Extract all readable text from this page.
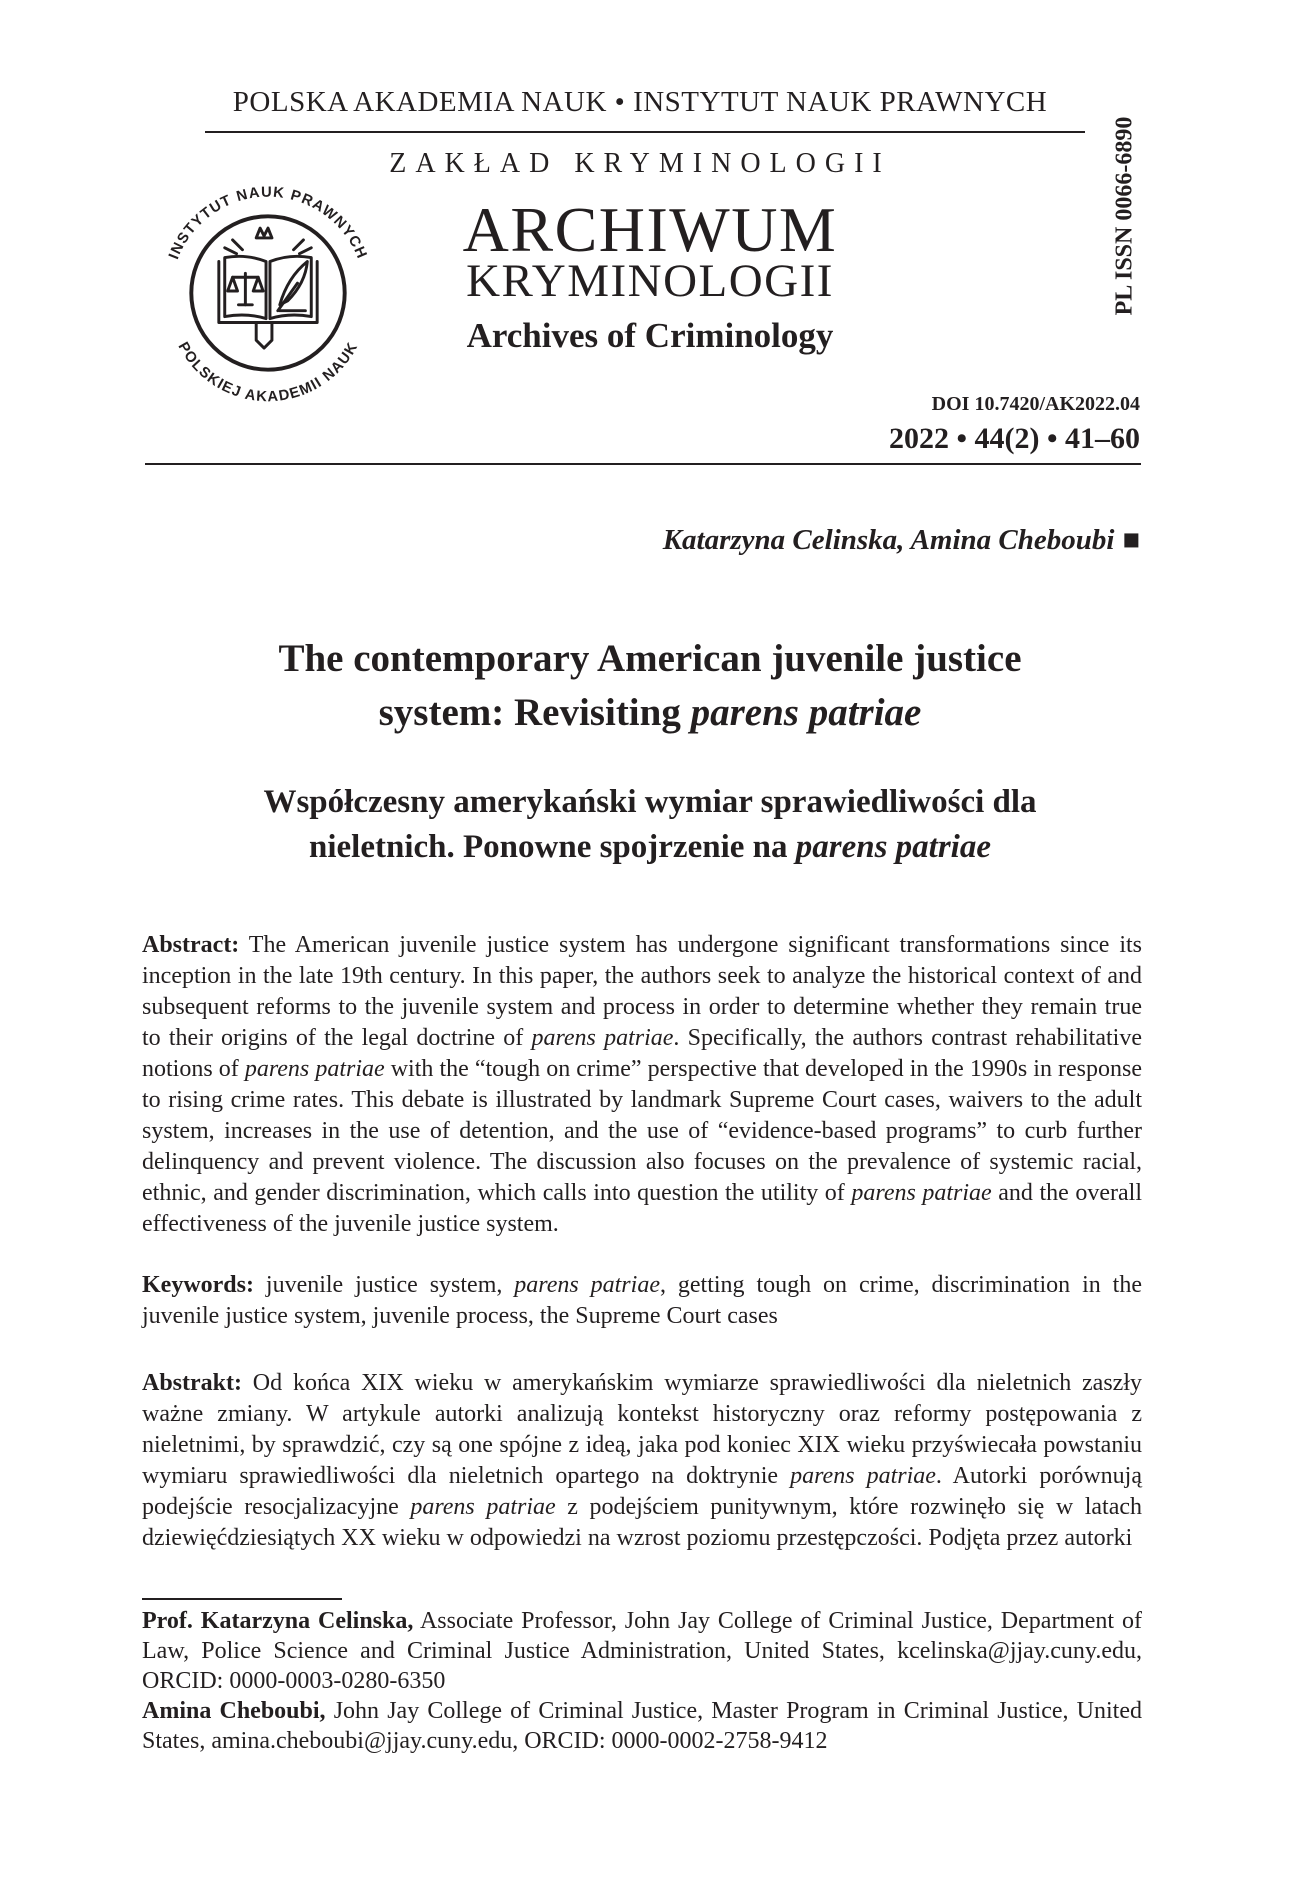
POLSKA AKADEMIA NAUK • INSTYTUT NAUK PRAWNYCH
ZAKŁAD KRYMINOLOGII
INSTYTUT NAUK PRAWNYCH
POLSKIEJ AKADEMII NAUK
ARCHIWUM
KRYMINOLOGII
Archives of Criminology
PL ISSN 0066-6890
DOI 10.7420/AK2022.04
2022 • 44(2) • 41–60
Katarzyna Celinska, Amina Cheboubi ■
The contemporary American juvenile justice
system: Revisiting parens patriae
Współczesny amerykański wymiar sprawiedliwości dla
nieletnich. Ponowne spojrzenie na parens patriae
Abstract: The American juvenile justice system has undergone significant transformations since its inception in the late 19th century. In this paper, the authors seek to analyze the historical context of and subsequent reforms to the juvenile system and process in order to determine whether they remain true to their origins of the legal doctrine of parens patriae. Specifically, the authors contrast rehabilitative notions of parens patriae with the “tough on crime” perspective that developed in the 1990s in response to rising crime rates. This debate is illustrated by landmark Supreme Court cases, waivers to the adult system, increases in the use of detention, and the use of “evidence-based programs” to curb further delinquency and prevent violence. The discussion also focuses on the prevalence of systemic racial, ethnic, and gender discrimination, which calls into question the utility of parens patriae and the overall effectiveness of the juvenile justice system.
Keywords: juvenile justice system, parens patriae, getting tough on crime, discrimination in the juvenile justice system, juvenile process, the Supreme Court cases
Abstrakt: Od końca XIX wieku w amerykańskim wymiarze sprawiedliwości dla nieletnich zaszły ważne zmiany. W artykule autorki analizują kontekst historyczny oraz reformy postępowania z nieletnimi, by sprawdzić, czy są one spójne z ideą, jaka pod koniec XIX wieku przyświecała powstaniu wymiaru sprawiedliwości dla nieletnich opartego na doktrynie parens patriae. Autorki porównują podejście resocjalizacyjne parens patriae z podejściem punitywnym, które rozwinęło się w latach dziewięćdziesiątych XX wieku w odpowiedzi na wzrost poziomu przestępczości. Podjęta przez autorki

Prof. Katarzyna Celinska, Associate Professor, John Jay College of Criminal Justice, Department of Law, Police Science and Criminal Justice Administration, United States, kcelinska@jjay.cuny.edu, ORCID: 0000-0003-0280-6350

Amina Cheboubi, John Jay College of Criminal Justice, Master Program in Criminal Justice, United States, amina.cheboubi@jjay.cuny.edu, ORCID: 0000-0002-2758-9412
